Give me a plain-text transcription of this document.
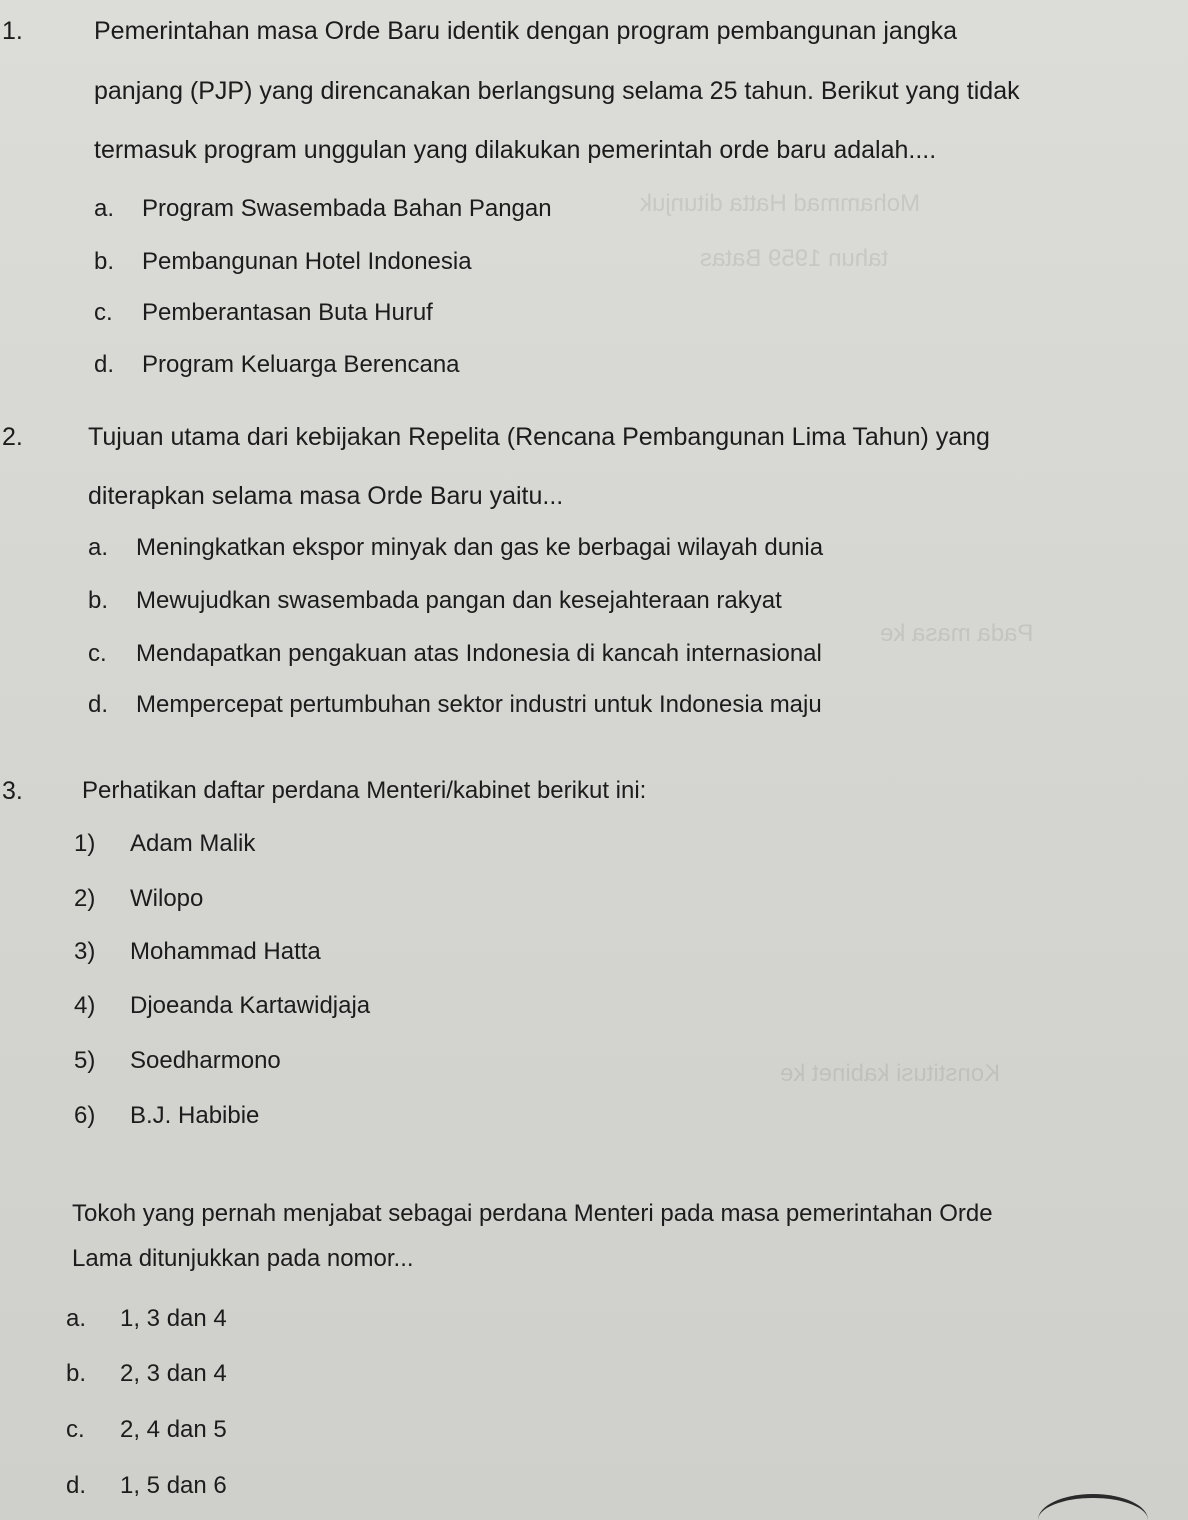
Mohammad Hatta ditunjuk
tahun 1959 Batas
Pada masa ke
Konstitusi kabinet ke
1.	Pemerintahan masa Orde Baru identik dengan program pembangunan jangka
panjang (PJP) yang direncanakan berlangsung selama 25 tahun. Berikut yang tidak
termasuk program unggulan yang dilakukan pemerintah orde baru adalah....
a. Program Swasembada Bahan Pangan
b. Pembangunan Hotel Indonesia
c. Pemberantasan Buta Huruf
d. Program Keluarga Berencana
2.	Tujuan utama dari kebijakan Repelita (Rencana Pembangunan Lima Tahun) yang
diterapkan selama masa Orde Baru yaitu...
a. Meningkatkan ekspor minyak dan gas ke berbagai wilayah dunia
b. Mewujudkan swasembada pangan dan kesejahteraan rakyat
c. Mendapatkan pengakuan atas Indonesia di kancah internasional
d. Mempercepat pertumbuhan sektor industri untuk Indonesia maju
3. Perhatikan daftar perdana Menteri/kabinet berikut ini:
1) Adam Malik
2) Wilopo
3) Mohammad Hatta
4) Djoeanda Kartawidjaja
5) Soedharmono
6) B.J. Habibie
Tokoh yang pernah menjabat sebagai perdana Menteri pada masa pemerintahan Orde
Lama ditunjukkan pada nomor...
a. 1, 3 dan 4
b. 2, 3 dan 4
c. 2, 4 dan 5
d. 1, 5 dan 6
